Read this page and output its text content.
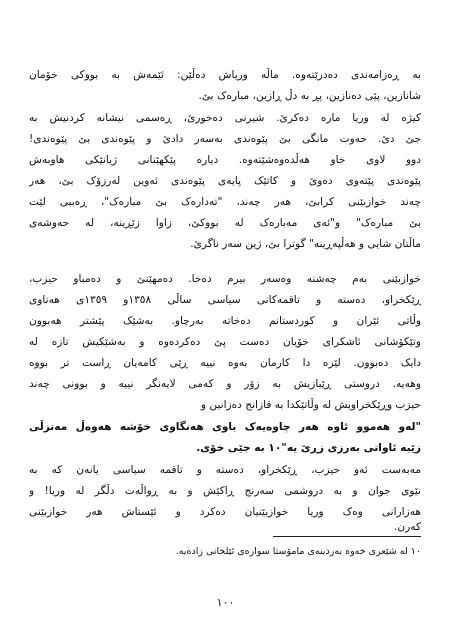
بە ڕەزامەندی دەدرێتەوە. ماڵە وریاش دەڵێن: ئێمەش بە بووکی خۆمان
شانازین، پێی دەنازین، پڕ بە دڵ ڕازین، مبارەک بێ.
کیژە لە وریا مارە دەکرێ. شیرنی دەخورێ، ڕەسمی نیشانە کردنیش بە
جێ دێ. حەوت مانگی بێ پێوەندی بەسەر دادێ و پێوەندی بێ پێوەندی!
دوو لاوی خاو هەڵدەوەشێتەوە. دیارە پێکهێنانی ژیانێکی هاوبەش
پێوەندی پێتەوی دەوێ و کاتێک پایەی پێوەندی ئەوین لەرزۆک بێ، هەر
چەند خوازبێنی کرابێ، هەر چەند، "تەدارەک بێ مبارەک"، ڕەببی لێت
بێ مبارەک" و"ئەی مەبارەک لە بووکێ، زاوا زێڕینە، لە حەوشەی
ماڵتان شایی و هەڵپەڕینە" گوترا بێ، ژین سەر ناگرێ.
خوازبێنی بەم چەشنە وەسەر بیرم دەخا. دەمهێنێ و دەمباو حیزب،
ڕێکخراو، دەستە و تاقمەکانی سیاسی ساڵی ١٣٥٨و ١٣٥٩ی هەتاوی
وڵاتی ئێران و کوردستانم دەخاتە بەرچاو. بەشێک پێشتر هەبوون
وتێکۆشانی ئاشکرای خۆیان دەست پێ دەکردەوە و بەشێکیش تازە لە
دایک دەبوون. لێرە دا کارمان بەوە نییە ڕێی کامەیان ڕاست تر بووە
وهەیە. دروستی ڕێبازیش بە زۆر و کەمی لایەنگر نییە و بوونی چەند
حیزب وڕێکخراویش لە وڵاتێکدا بە قازانج دەزانین و
"لەو هەموو ئاوە هەر چاوەیەک باوی هەنگاوی خۆشە هەوەڵ مەنزڵی
زێیە ئاواتی بەرزی زڕێ یە"١٠ بە جێی خۆی.
مەبەست ئەو حیزب، ڕێکخراو، دەستە و تاقمە سیاسی یانەن کە بە
نێوی جوان و بە دروشمی سەرنج ڕاکێش و بە ڕواڵەت دڵگر لە وریا! و
هەزارانی وەک وریا خوازبێنیان دەکرد و ئێستاش هەر خوازبێنی
کەرن.
١٠ لە شێعری خەوە بەردینەی مامۆستا سوارەی ئێلخانی زادەیە.
١٠٠
